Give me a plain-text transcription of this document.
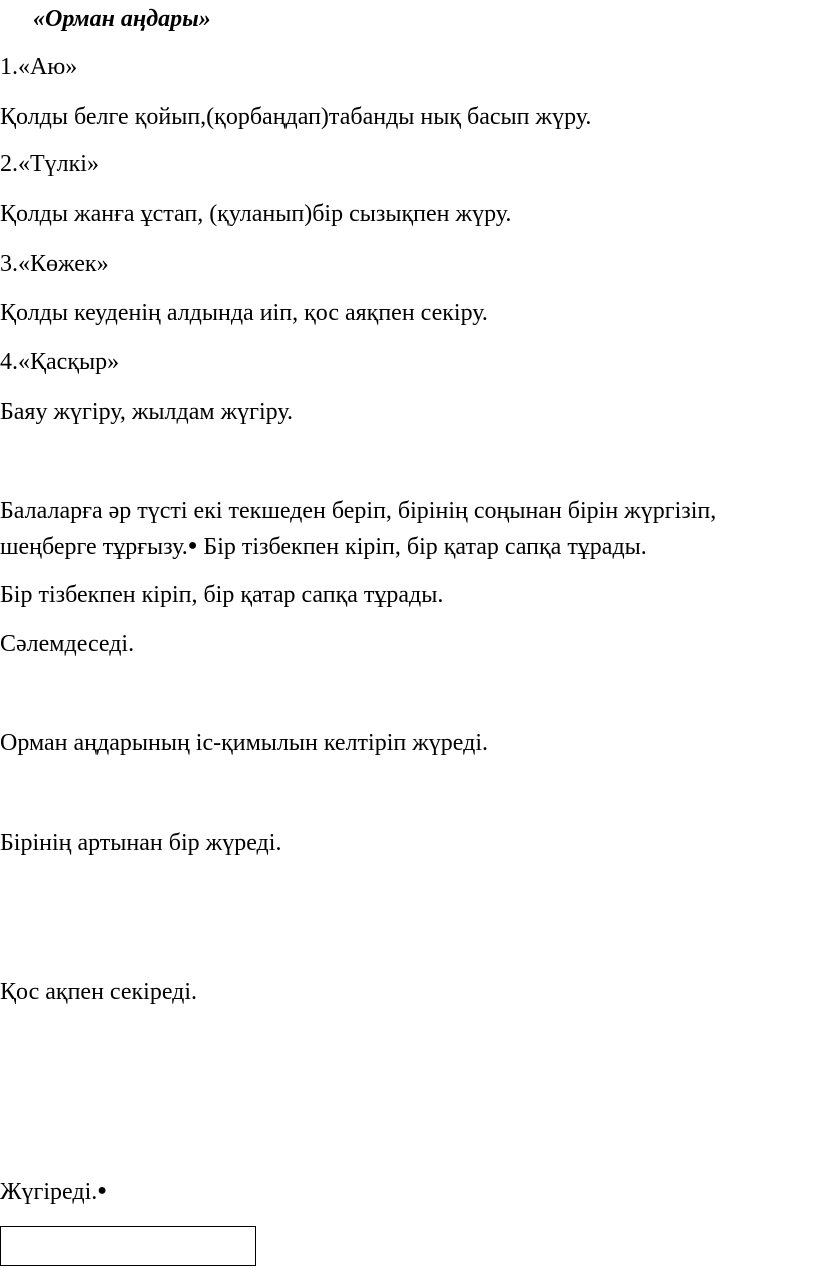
«Орман аңдары»

1.«Аю»

Қолды белге қойып,(қорбаңдап)табанды нық басып жүру.

2.«Түлкі»

Қолды жанға ұстап, (қуланып)бір сызықпен жүру.

3.«Көжек»

Қолды кеуденің алдында иіп, қос аяқпен секіру.

4.«Қасқыр»

Баяу жүгіру, жылдам жүгіру.

Балаларға әр түсті екі текшеден беріп, бірінің соңынан бірін жүргізіп,

шеңберге тұрғызу.● Бір тізбекпен кіріп, бір қатар сапқа тұрады.

Бір тізбекпен кіріп, бір қатар сапқа тұрады.

Сәлемдеседі.

Орман аңдарының іс-қимылын келтіріп жүреді.

Бірінің артынан бір жүреді.

Қос ақпен секіреді.

Жүгіреді.●
